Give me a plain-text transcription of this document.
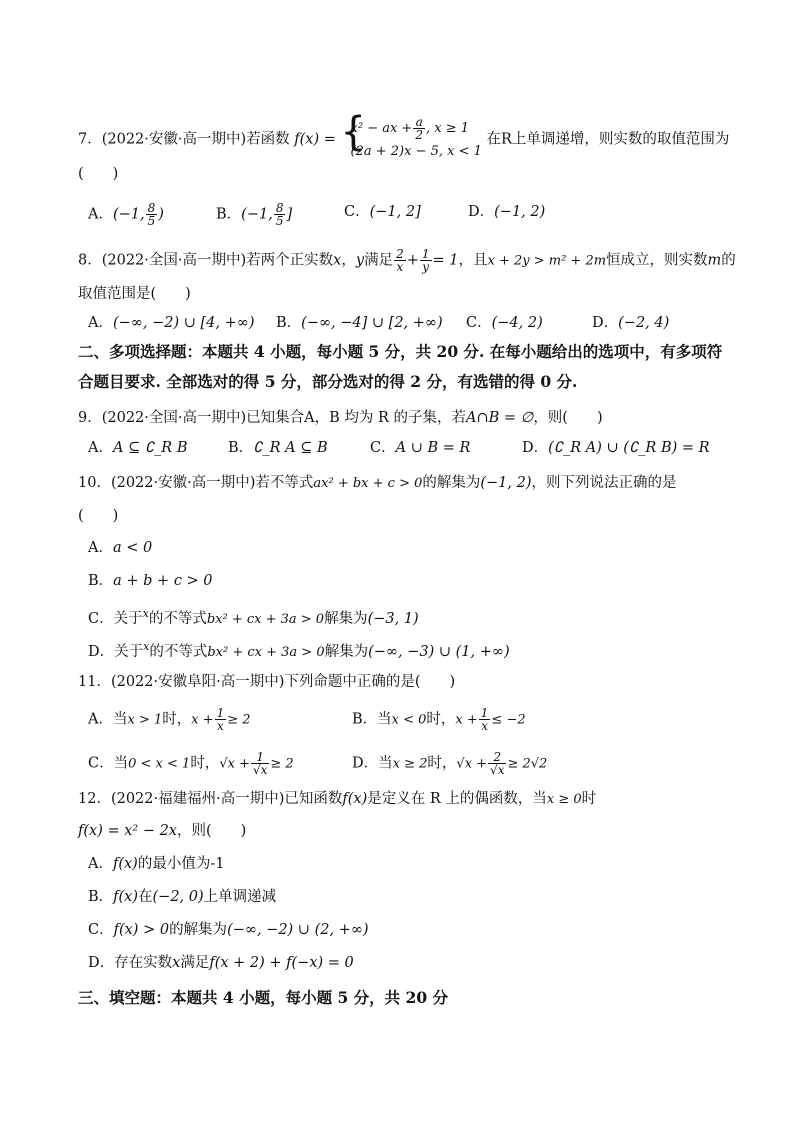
7．(2022·安徽·高一期中)若函数 f(x) = {
x² − ax + $\frac{a}{2}$ , x ≥ 1
(2a + 2)x − 5, x < 1
在R上单调递增，则实数的取值范围为
(　　)
A．(−1, $\frac{8}{5}$ )	B．(−1, $\frac{8}{5}$ ]	C．(−1, 2]	D．(−1, 2)
8．(2022·全国·高一期中)若两个正实数x，y满足 $\frac{2}{x} + \frac{1}{y} = 1$，且x + 2y > m² + 2m恒成立，则实数m的
取值范围是(　　)
A．(−∞, −2) ∪ [4, +∞) B．(−∞, −4] ∪ [2, +∞) C．(−4, 2)	D．(−2, 4)
二、多项选择题：本题共 4 小题，每小题 5 分，共 20 分. 在每小题给出的选项中，有多项符
合题目要求. 全部选对的得 5 分，部分选对的得 2 分，有选错的得 0 分.
9．(2022·全国·高一期中)已知集合A，B 均为 R 的子集，若A∩B = ∅，则(　　)
A．A ⊆ ∁_R B	B．∁_R A ⊆ B	C．A ∪ B = R	D．(∁_R A) ∪ (∁_R B) = R
10．(2022·安徽·高一期中)若不等式ax² + bx + c > 0的解集为(−1, 2)，则下列说法正确的是
(　　)
A．a < 0
B．a + b + c > 0
C．关于$^x$的不等式bx² + cx + 3a > 0解集为(−3, 1)
D．关于$^x$的不等式bx² + cx + 3a > 0解集为(−∞, −3) ∪ (1, +∞)
11．(2022·安徽阜阳·高一期中)下列命题中正确的是(　　)
A．当x > 1时，$x + \frac{1}{x} \ge 2$	B．当x < 0时，$x + \frac{1}{x} \le -2$
C．当0 < x < 1时，$√x + \frac{1}{√x} \ge 2$	D．当x ≥ 2时，$√x + \frac{2}{√x} \ge 2√2$
12．(2022·福建福州·高一期中)已知函数f(x)是定义在 R 上的偶函数，当x ≥ 0时
f(x) = x² − 2x，则(　　)
A．f(x)的最小值为-1
B．f(x)在(−2, 0)上单调递减
C．f(x) > 0的解集为(−∞, −2) ∪ (2, +∞)
D．存在实数x满足f(x + 2) + f(−x) = 0
三、填空题：本题共 4 小题，每小题 5 分，共 20 分
